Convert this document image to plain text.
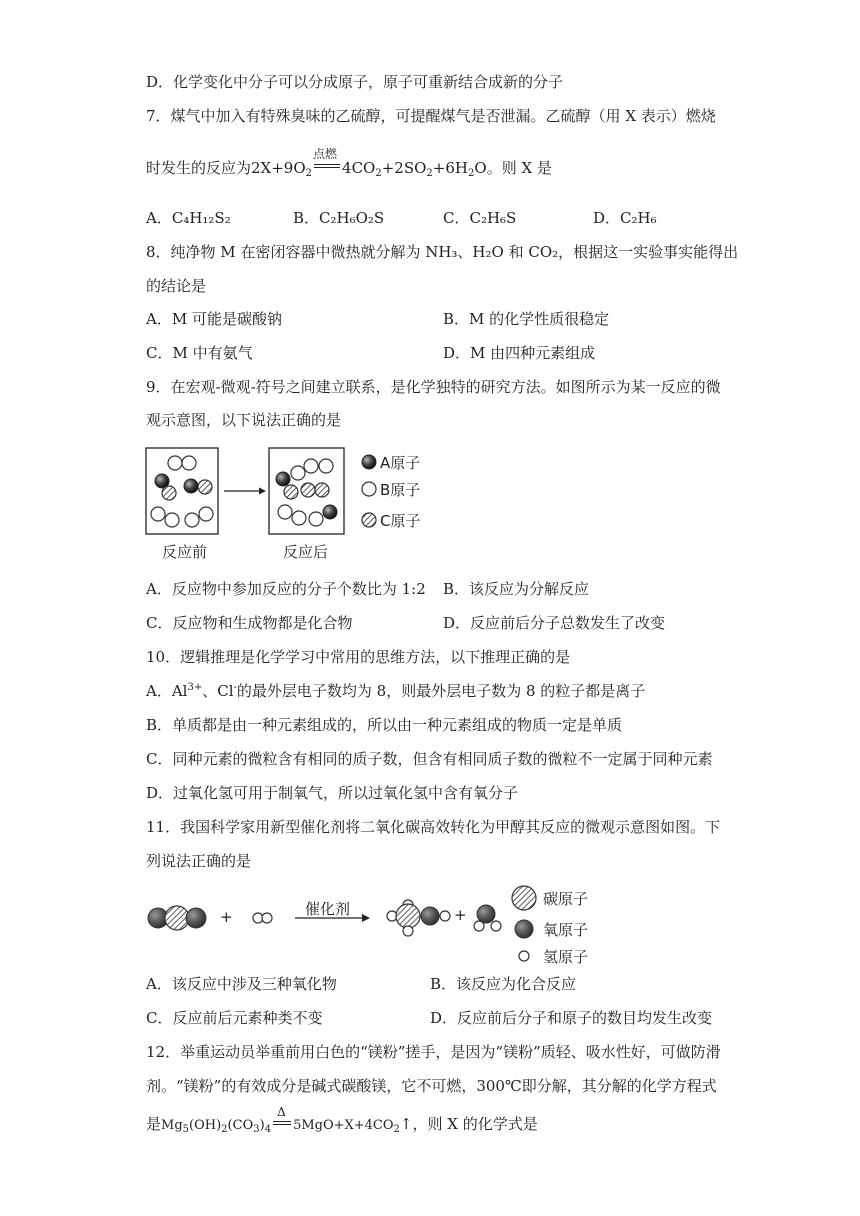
D．化学变化中分子可以分成原子，原子可重新结合成新的分子
7．煤气中加入有特殊臭味的乙硫醇，可提醒煤气是否泄漏。乙硫醇（用 X 表示）燃烧
时发生的反应为$2X+9O_2$
点燃
$4CO_2+2SO_2+6H_2O$。则 X 是
A．C₄H₁₂S₂	B．C₂H₆O₂S	C．C₂H₆S	D．C₂H₆
8．纯净物 M 在密闭容器中微热就分解为 NH₃、H₂O 和 CO₂，根据这一实验事实能得出
的结论是
A．M 可能是碳酸钠	B．M 的化学性质很稳定
C．M 中有氨气	D．M 由四种元素组成
9．在宏观-微观-符号之间建立联系，是化学独特的研究方法。如图所示为某一反应的微
观示意图，以下说法正确的是
反应前	反应后
A原子
B原子
C原子
A．反应物中参加反应的分子个数比为 1:2 B．该反应为分解反应
C．反应物和生成物都是化合物	D．反应前后分子总数发生了改变
10．逻辑推理是化学学习中常用的思维方法，以下推理正确的是
A．$Al^{3+}$、Cl-的最外层电子数均为 8，则最外层电子数为 8 的粒子都是离子
B．单质都是由一种元素组成的，所以由一种元素组成的物质一定是单质
C．同种元素的微粒含有相同的质子数，但含有相同质子数的微粒不一定属于同种元素
D．过氧化氢可用于制氧气，所以过氧化氢中含有氧分子
11．我国科学家用新型催化剂将二氧化碳高效转化为甲醇其反应的微观示意图如图。下
列说法正确的是
+	+
催化剂
碳原子
氧原子
氢原子
A．该反应中涉及三种氧化物	B．该反应为化合反应
C．反应前后元素种类不变	D．反应前后分子和原子的数目均发生改变
12．举重运动员举重前用白色的“镁粉”搓手，是因为“镁粉”质轻、吸水性好，可做防滑
剂。“镁粉”的有效成分是碱式碳酸镁，它不可燃，300℃即分解，其分解的化学方程式
是$Mg_5(OH)_2(CO_3)_4$
Δ
$5MgO+X+4CO_2↑$，则 X 的化学式是
